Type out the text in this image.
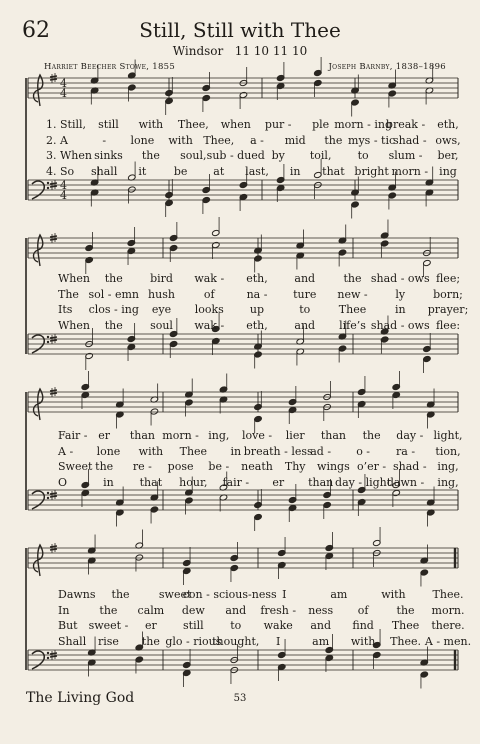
62	Still, Still with Thee
Windsor 11 10 11 10
Harriet Beecher Stowe, 1855	Joseph Barnby, 1838–1896
4
4
4
4
1. Still, still with Thee, when pur - ple morn - ing
break - eth,
2. A	- lone with Thee, a - mid the mys - tic
shad - ows,
3. When sinks the soul, sub - dued by toil, to slum - ber,
4. So shall it be at last, in that bright morn - ing
When the bird wak - eth, and	the shad - ows flee;
The sol - emn hush	of	na - ture new -	ly	born;
Its clos - ing eye looks up	to	Thee	in prayer;
When the soul wak - eth, and life’s shad - ows flee:
Fair - er than morn - ing, love - lier than the day - light,
A - lone with Thee in breath - less
ad - o - ra - tion,
Sweet the re - pose be - neath Thy wings o’er - shad - ing,
O	in that hour, fair - er than day - light
dawn - ing,
Dawns the	sweet
con - scious-ness I	am	with Thee.
In	the calm dew and fresh - ness of	the morn.
But sweet - er still to wake and find Thee there.
Shall rise the glo - rious
thought, I	am with Thee. A - men.
The Living God	53
